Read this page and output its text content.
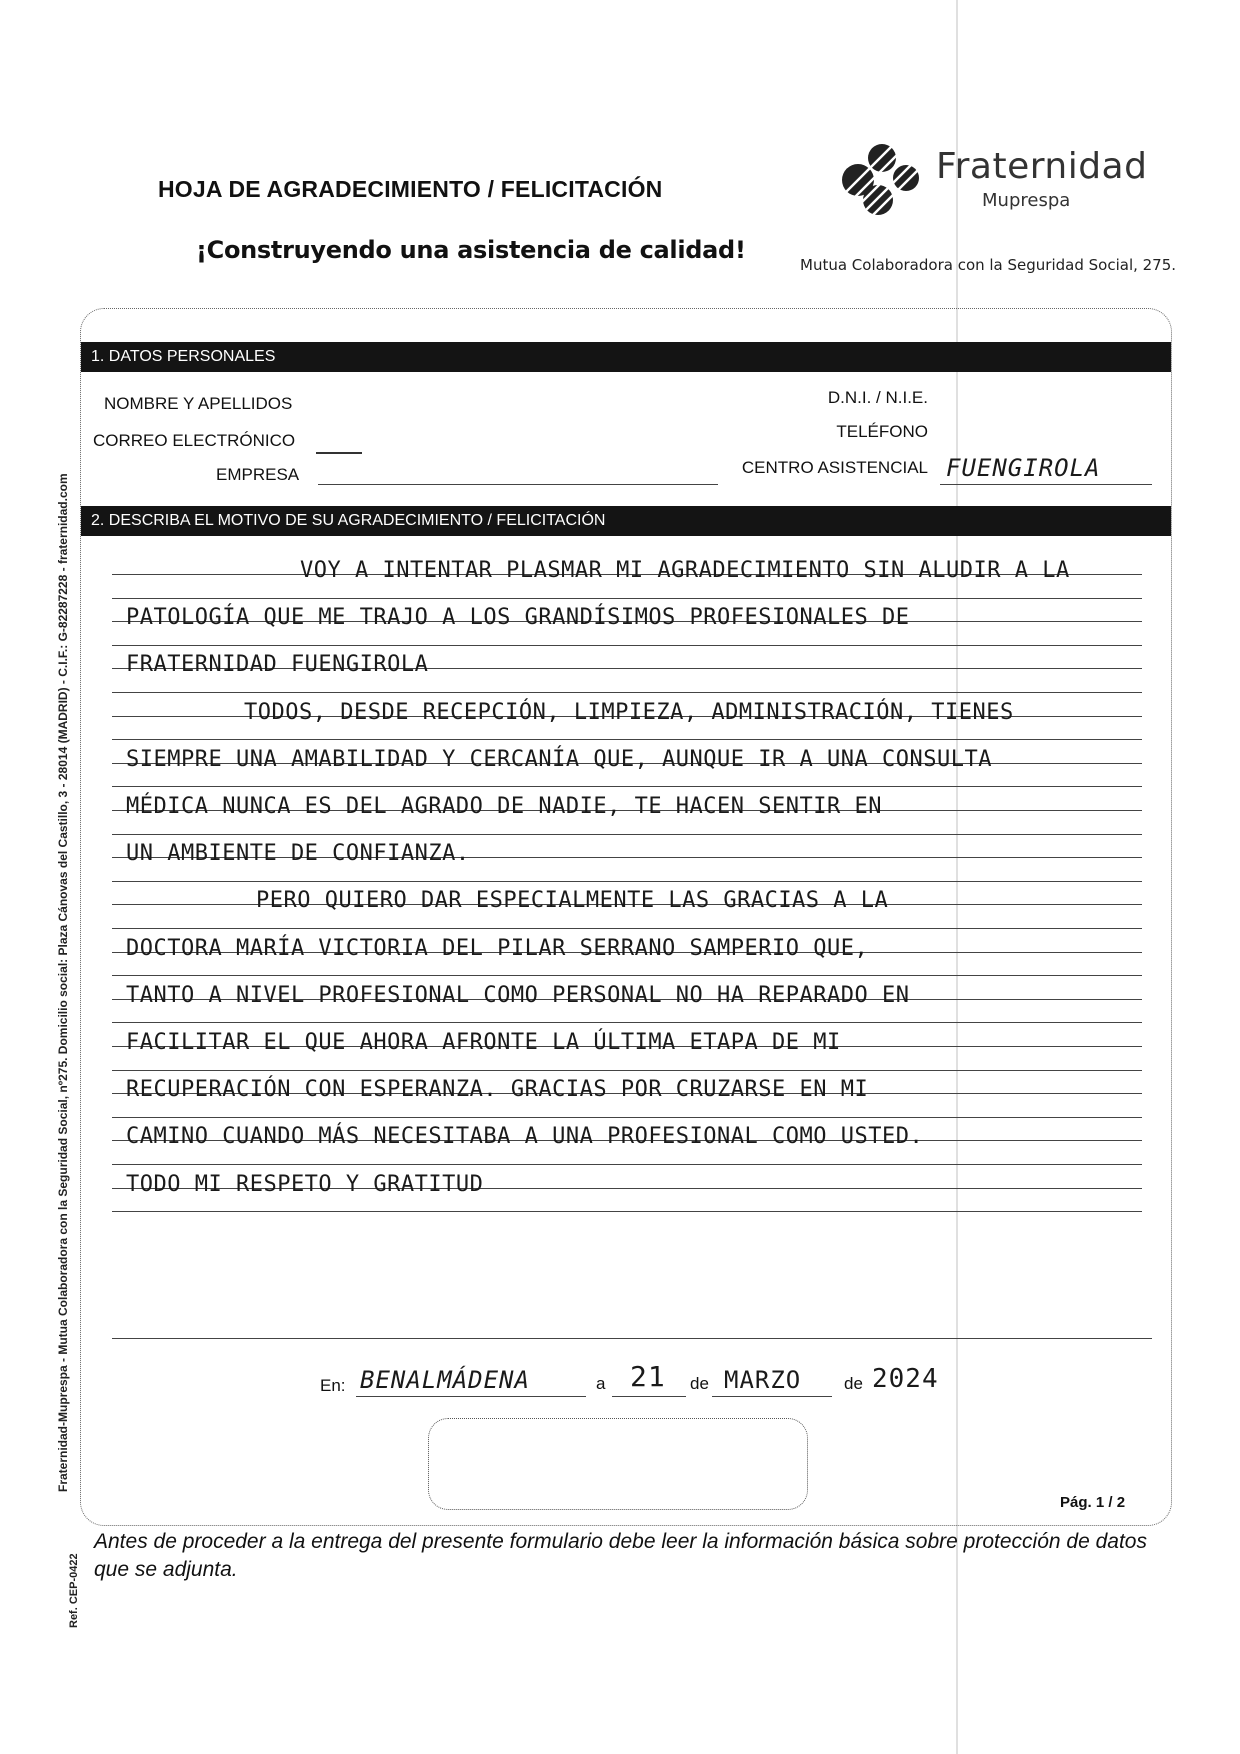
HOJA DE AGRADECIMIENTO / FELICITACIÓN
¡Construyendo una asistencia de calidad!
Fraternidad
Muprespa
Mutua Colaboradora con la Seguridad Social, 275.
1. DATOS PERSONALES
NOMBRE Y APELLIDOS
CORREO ELECTRÓNICO
EMPRESA
D.N.I. / N.I.E.
TELÉFONO
CENTRO ASISTENCIAL FUENGIROLA
2. DESCRIBA EL MOTIVO DE SU AGRADECIMIENTO / FELICITACIÓN
VOY A INTENTAR PLASMAR MI AGRADECIMIENTO SIN ALUDIR A LA
PATOLOGÍA QUE ME TRAJO A LOS GRANDÍSIMOS PROFESIONALES DE
FRATERNIDAD FUENGIROLA
TODOS, DESDE RECEPCIÓN, LIMPIEZA, ADMINISTRACIÓN, TIENES
SIEMPRE UNA AMABILIDAD Y CERCANÍA QUE, AUNQUE IR A UNA CONSULTA
MÉDICA NUNCA ES DEL AGRADO DE NADIE, TE HACEN SENTIR EN
UN AMBIENTE DE CONFIANZA.
PERO QUIERO DAR ESPECIALMENTE LAS GRACIAS A LA
DOCTORA MARÍA VICTORIA DEL PILAR SERRANO SAMPERIO QUE,
TANTO A NIVEL PROFESIONAL COMO PERSONAL NO HA REPARADO EN
FACILITAR EL QUE AHORA AFRONTE LA ÚLTIMA ETAPA DE MI
RECUPERACIÓN CON ESPERANZA. GRACIAS POR CRUZARSE EN MI
CAMINO CUANDO MÁS NECESITABA A UNA PROFESIONAL COMO USTED.
TODO MI RESPETO Y GRATITUD
En: BENALMÁDENA	a 21 de MARZO	de 2024
Pág. 1 / 2
Antes de proceder a la entrega del presente formulario debe leer la información básica sobre protección de datos que se adjunta.
Fraternidad-Muprespa - Mutua Colaboradora con la Seguridad Social, nº275. Domicilio social: Plaza Cánovas del Castillo, 3 - 28014 (MADRID) - C.I.F.: G-82287228 - fraternidad.com
Ref. CEP-0422
